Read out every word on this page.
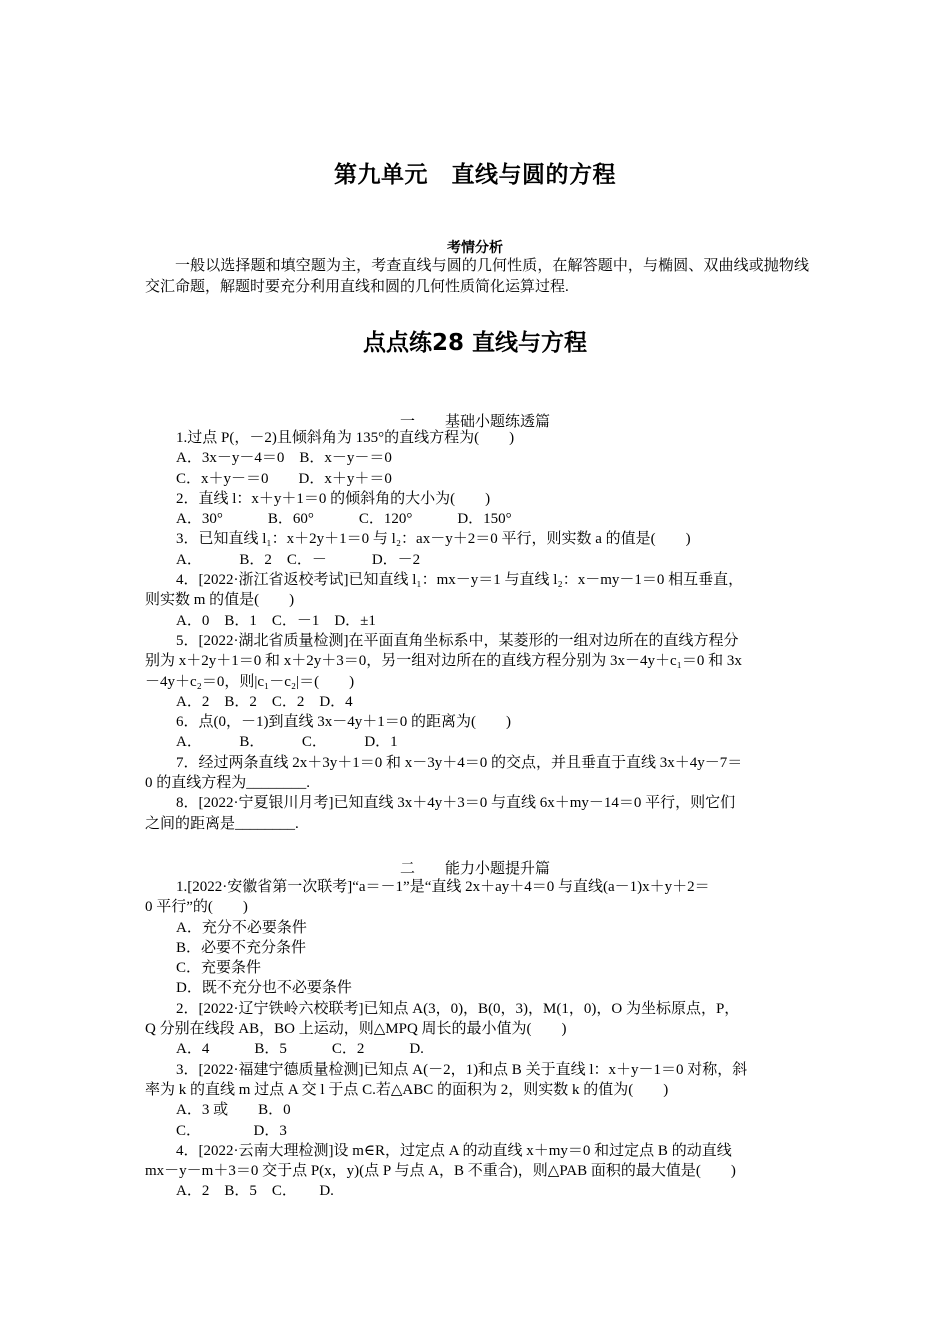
第九单元　直线与圆的方程
考情分析
一般以选择题和填空题为主，考查直线与圆的几何性质，在解答题中，与椭圆、双曲线或抛物线交汇命题，解题时要充分利用直线和圆的几何性质简化运算过程.
点点练28 直线与方程
一　　基础小题练透篇
1.过点 P(，－2)且倾斜角为 135°的直线方程为(　　)
A．3x－y－4＝0　B．x－y－＝0
C．x＋y－＝0　　D．x＋y＋＝0
2．直线 l：x＋y＋1＝0 的倾斜角的大小为(　　)
A．30°　　　B．60°　　　C．120°　　　D．150°
3．已知直线 l₁：x＋2y＋1＝0 与 l₂：ax－y＋2＝0 平行，则实数 a 的值是(　　)
A．　　　B．2　C．－　　　D．－2
4．[2022·浙江省返校考试]已知直线 l₁：mx－y＝1 与直线 l₂：x－my－1＝0 相互垂直，
则实数 m 的值是(　　)
A．0　B．1　C．－1　D．±1
5．[2022·湖北省质量检测]在平面直角坐标系中，某菱形的一组对边所在的直线方程分
别为 x＋2y＋1＝0 和 x＋2y＋3＝0，另一组对边所在的直线方程分别为 3x－4y＋c₁＝0 和 3x
－4y＋c₂＝0，则|c₁－c₂|＝(　　)
A．2　B．2　C．2　D．4
6．点(0，－1)到直线 3x－4y＋1＝0 的距离为(　　)
A．　　　B．　　　C．　　　D．1
7．经过两条直线 2x＋3y＋1＝0 和 x－3y＋4＝0 的交点，并且垂直于直线 3x＋4y－7＝
0 的直线方程为________.
8．[2022·宁夏银川月考]已知直线 3x＋4y＋3＝0 与直线 6x＋my－14＝0 平行，则它们
之间的距离是________.
二　　能力小题提升篇
1.[2022·安徽省第一次联考]“a＝－1”是“直线 2x＋ay＋4＝0 与直线(a－1)x＋y＋2＝
0 平行”的(　　)
A．充分不必要条件
B．必要不充分条件
C．充要条件
D．既不充分也不必要条件
2．[2022·辽宁铁岭六校联考]已知点 A(3，0)，B(0，3)，M(1，0)，O 为坐标原点，P，
Q 分别在线段 AB，BO 上运动，则△MPQ 周长的最小值为(　　)
A．4　　　B．5　　　C．2　　　D.
3．[2022·福建宁德质量检测]已知点 A(－2，1)和点 B 关于直线 l：x＋y－1＝0 对称，斜
率为 k 的直线 m 过点 A 交 l 于点 C.若△ABC 的面积为 2，则实数 k 的值为(　　)
A．3 或　　B．0
C．　　　　D．3
4．[2022·云南大理检测]设 m∈R，过定点 A 的动直线 x＋my＝0 和过定点 B 的动直线
mx－y－m＋3＝0 交于点 P(x，y)(点 P 与点 A，B 不重合)，则△PAB 面积的最大值是(　　)
A．2　B．5　C．　　D.
